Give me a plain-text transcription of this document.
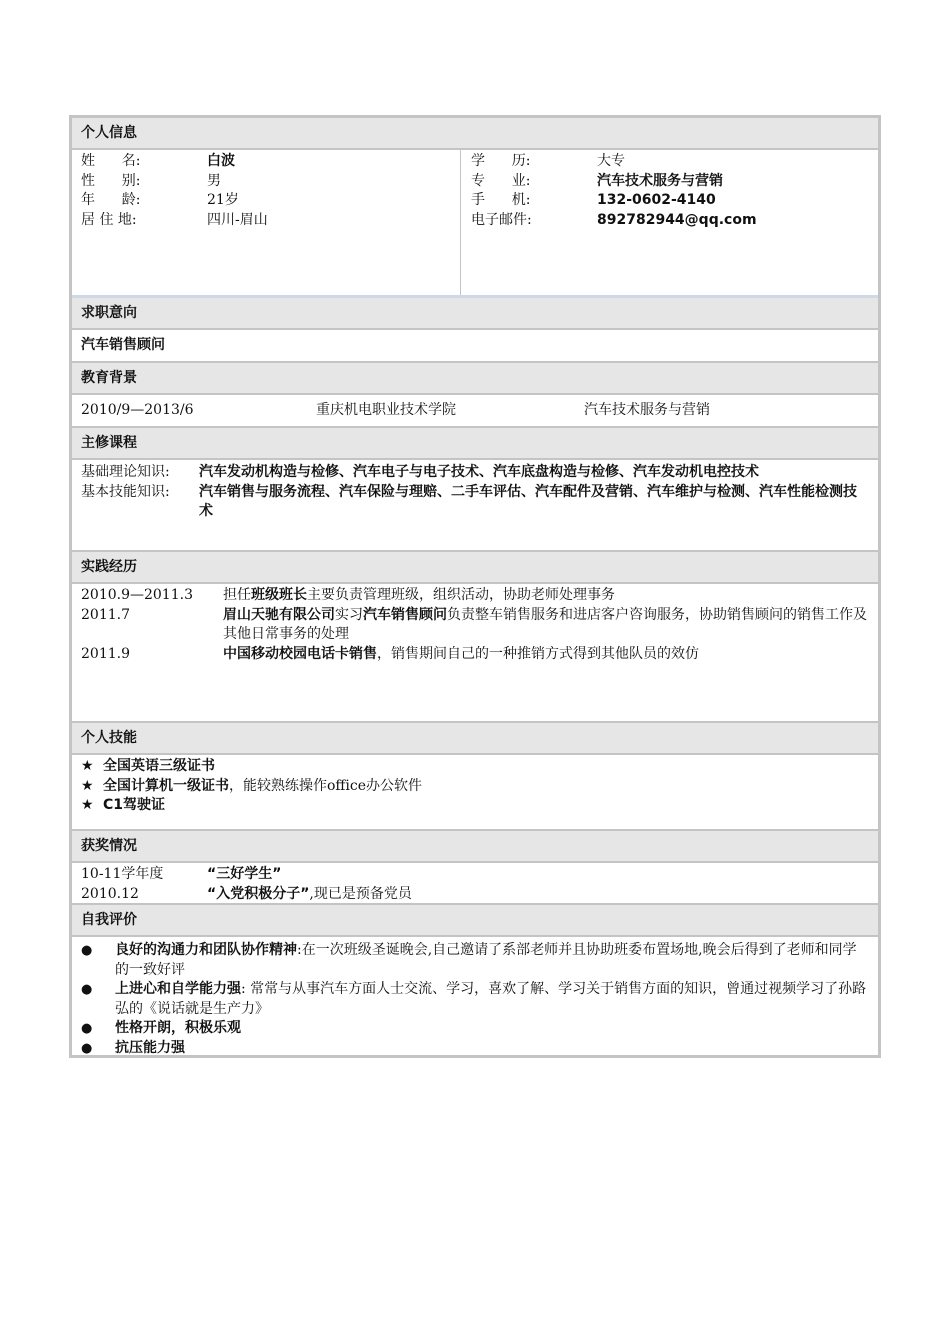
个人信息
姓      名:	白波
性      别:	男
年      龄:	21岁
居 住 地:	四川-眉山
学      历:	大专
专      业:	汽车技术服务与营销
手      机:	132-0602-4140
电子邮件:	892782944@qq.com
求职意向
汽车销售顾问
教育背景
2010/9—2013/6	重庆机电职业技术学院	汽车技术服务与营销
主修课程
基础理论知识:	汽车发动机构造与检修、汽车电子与电子技术、汽车底盘构造与检修、汽车发动机电控技术
基本技能知识:	汽车销售与服务流程、汽车保险与理赔、二手车评估、汽车配件及营销、汽车维护与检测、汽车性能检测技术
实践经历
2010.9—2011.3	担任班级班长主要负责管理班级，组织活动，协助老师处理事务
2011.7	眉山天驰有限公司实习汽车销售顾问负责整车销售服务和进店客户咨询服务，协助销售顾问的销售工作及其他日常事务的处理
2011.9	中国移动校园电话卡销售，销售期间自己的一种推销方式得到其他队员的效仿
个人技能
★ 全国英语三级证书
★ 全国计算机一级证书，能较熟练操作office办公软件
★ C1驾驶证
获奖情况
10-11学年度	“三好学生”
2010.12	“入党积极分子” ,现已是预备党员
自我评价
●	良好的沟通力和团队协作精神:在一次班级圣诞晚会,自己邀请了系部老师并且协助班委布置场地,晚会后得到了老师和同学的一致好评
●	上进心和自学能力强: 常常与从事汽车方面人士交流、学习，喜欢了解、学习关于销售方面的知识，曾通过视频学习了孙路弘的《说话就是生产力》
●	性格开朗，积极乐观
●	抗压能力强
